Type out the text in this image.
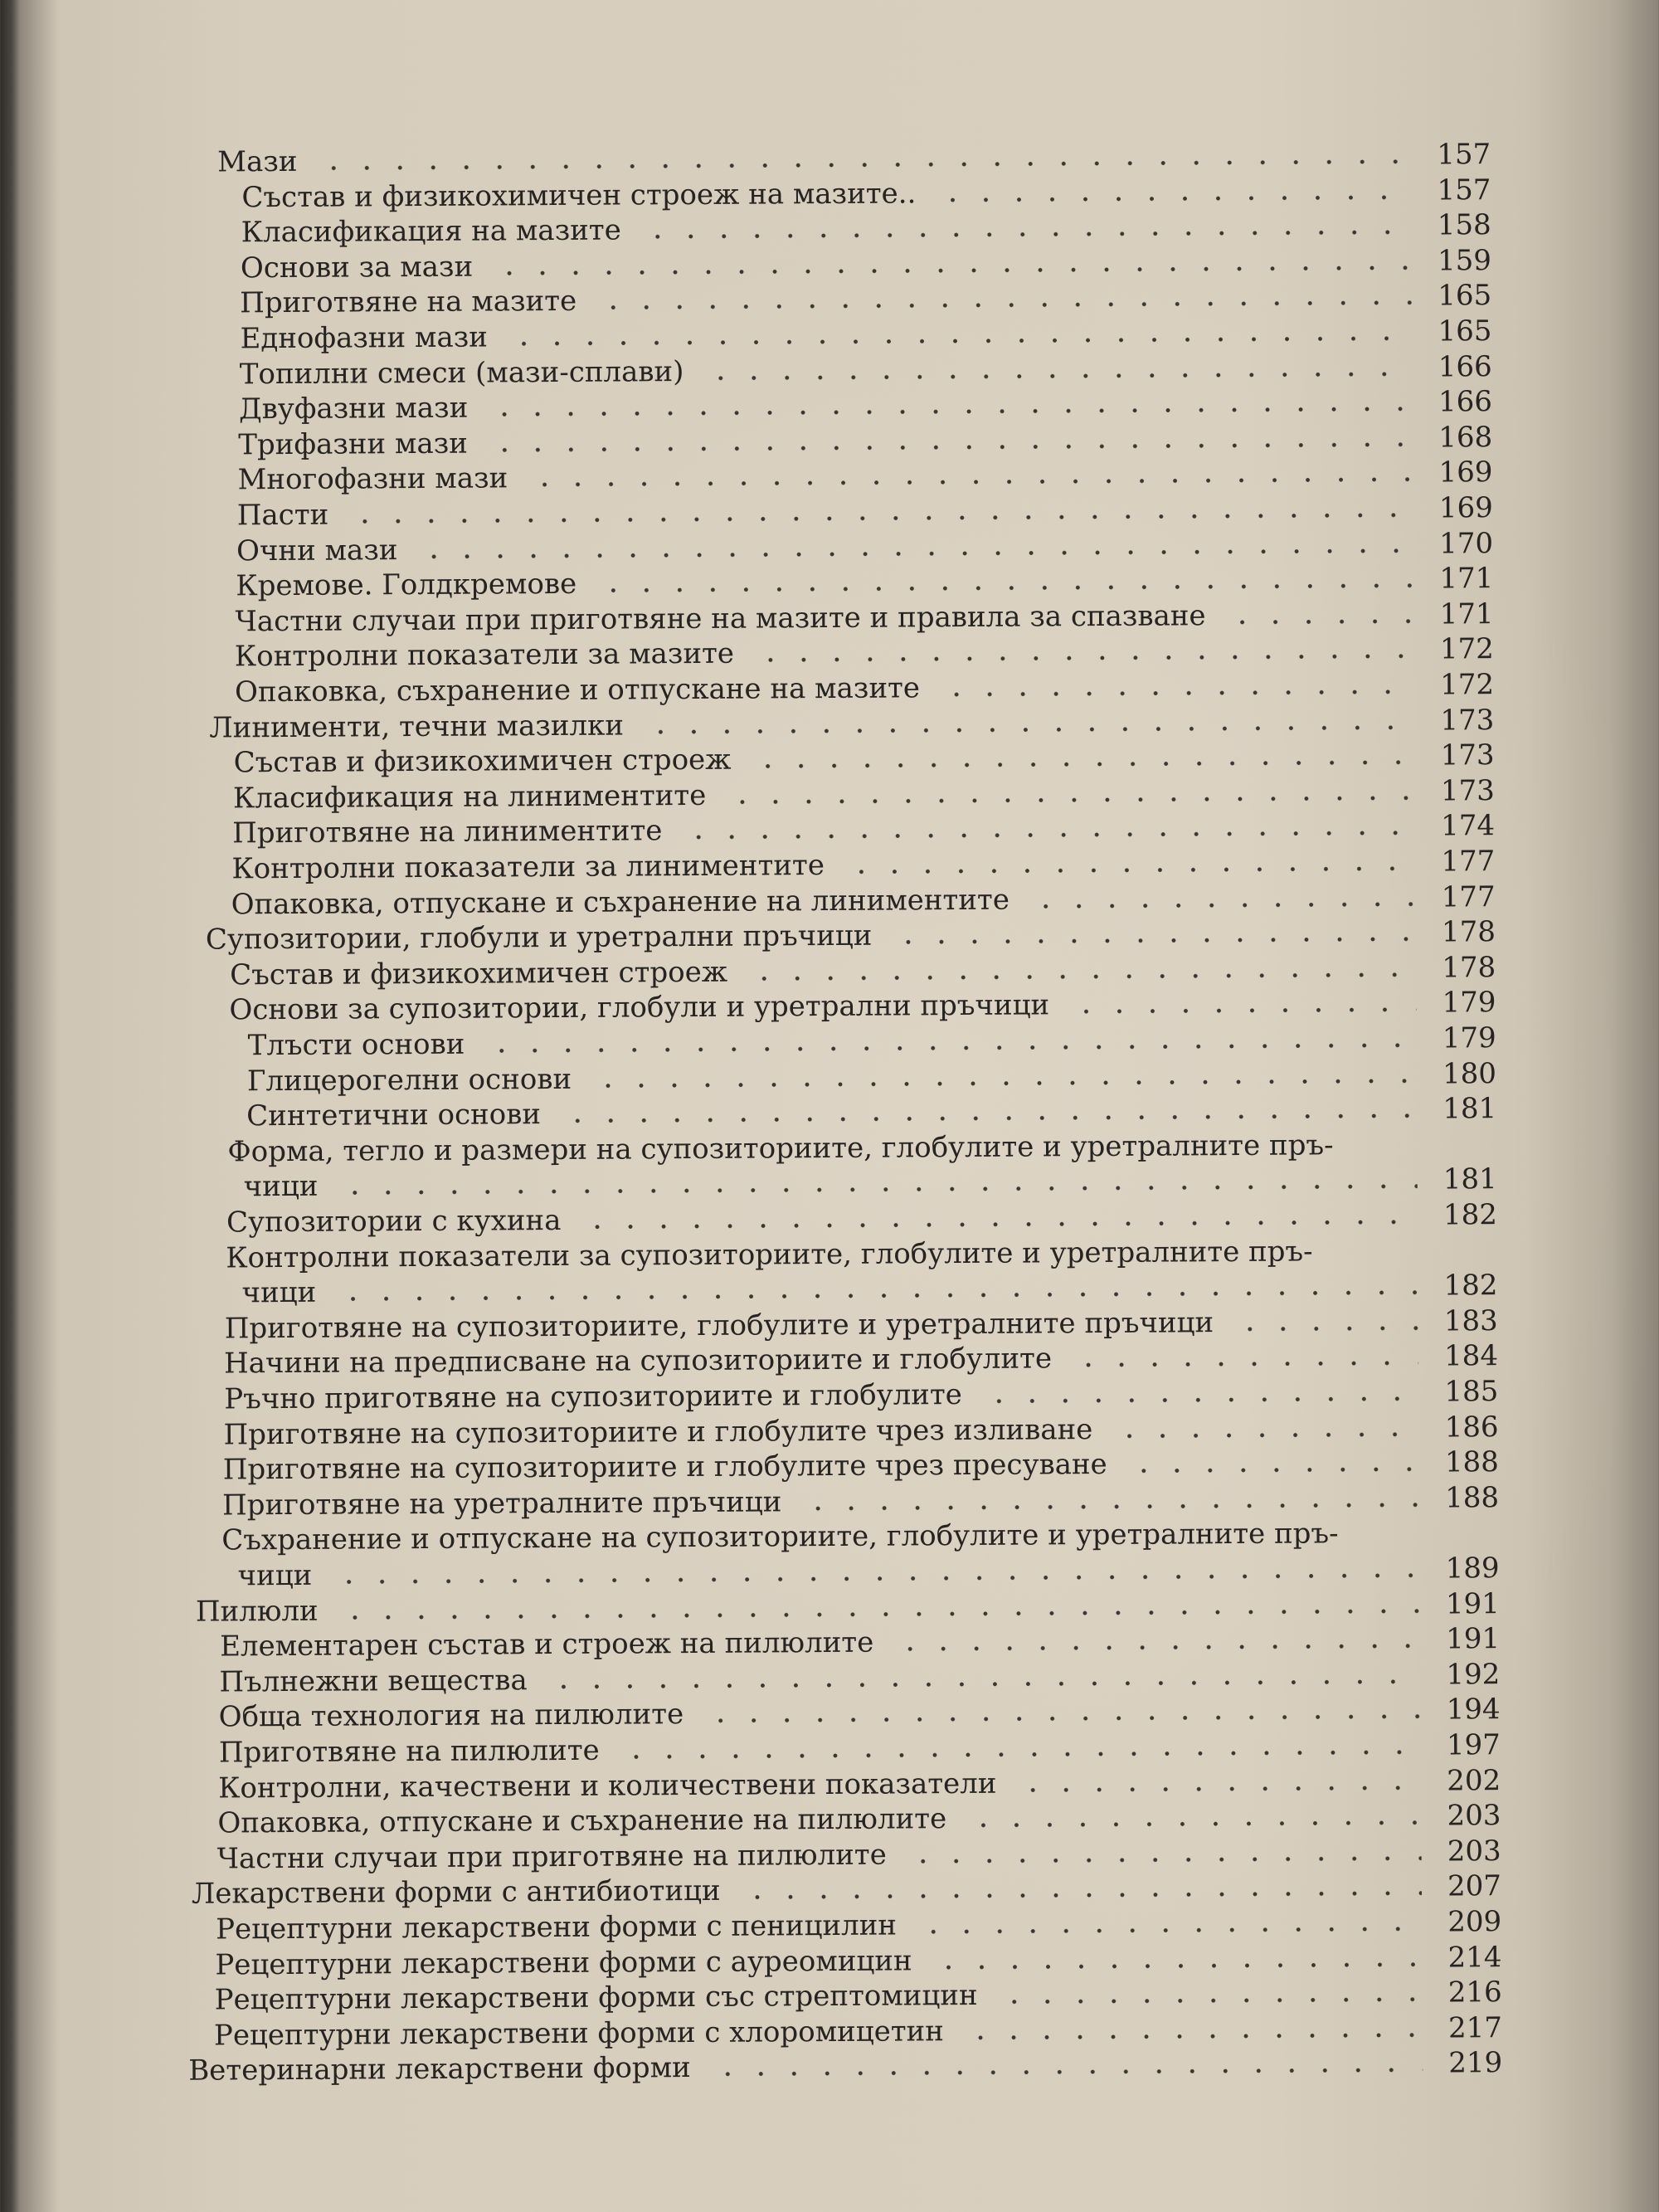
Мази	157
Състав и физикохимичен строеж на мазите..	157
Класификация на мазите	158
Основи за мази	159
Приготвяне на мазите	165
Еднофазни мази	165
Топилни смеси (мази-сплави)	166
Двуфазни мази	166
Трифазни мази	168
Многофазни мази	169
Пасти	169
Очни мази	170
Кремове. Голдкремове	171
Частни случаи при приготвяне на мазите и правила за спазване	171
Контролни показатели за мазите	172
Опаковка, съхранение и отпускане на мазите	172
Линименти, течни мазилки	173
Състав и физикохимичен строеж	173
Класификация на линиментите	173
Приготвяне на линиментите	174
Контролни показатели за линиментите	177
Опаковка, отпускане и съхранение на линиментите	177
Супозитории, глобули и уретрални пръчици	178
Състав и физикохимичен строеж	178
Основи за супозитории, глобули и уретрални пръчици	179
Тлъсти основи	179
Глицерогелни основи	180
Синтетични основи	181
Форма, тегло и размери на супозиториите, глобулите и уретралните пръ-
чици	181
Супозитории с кухина	182
Контролни показатели за супозиториите, глобулите и уретралните пръ-
чици	182
Приготвяне на супозиториите, глобулите и уретралните пръчици	183
Начини на предписване на супозиториите и глобулите	184
Ръчно приготвяне на супозиториите и глобулите	185
Приготвяне на супозиториите и глобулите чрез изливане	186
Приготвяне на супозиториите и глобулите чрез пресуване	188
Приготвяне на уретралните пръчици	188
Съхранение и отпускане на супозиториите, глобулите и уретралните пръ-
чици	189
Пилюли	191
Елементарен състав и строеж на пилюлите	191
Пълнежни вещества	192
Обща технология на пилюлите	194
Приготвяне на пилюлите	197
Контролни, качествени и количествени показатели	202
Опаковка, отпускане и съхранение на пилюлите	203
Частни случаи при приготвяне на пилюлите	203
Лекарствени форми с антибиотици	207
Рецептурни лекарствени форми с пеницилин	209
Рецептурни лекарствени форми с ауреомицин	214
Рецептурни лекарствени форми със стрептомицин	216
Рецептурни лекарствени форми с хлоромицетин	217
Ветеринарни лекарствени форми	219
